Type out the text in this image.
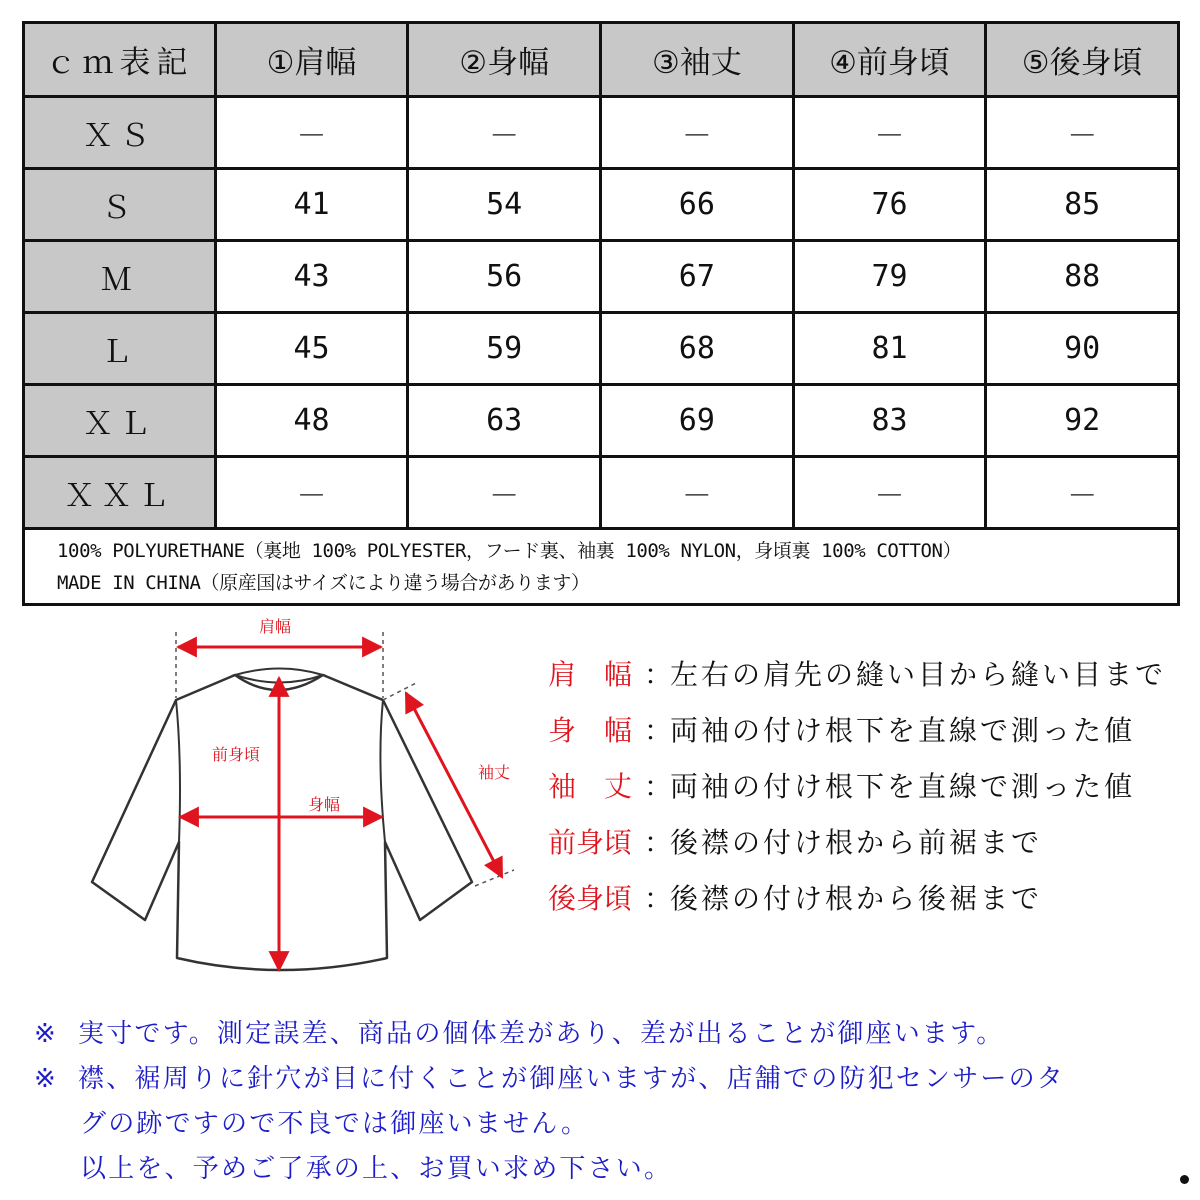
ｃｍ表記	①肩幅	②身幅	③袖丈	④前身頃	⑤後身頃
ＸＳ	－	－	－	－	－
Ｓ	41	54	66	76	85
Ｍ	43	56	67	79	88
Ｌ	45	59	68	81	90
ＸＬ	48	63	69	83	92
ＸＸＬ	－	－	－	－	－
100% POLYURETHANE（裏地 100% POLYESTER，フード裏、袖裏 100% NYLON，身頃裏 100% COTTON）
MADE IN CHINA（原産国はサイズにより違う場合があります）
肩幅
前身頃
身幅
袖丈
肩　幅 ：
左右の肩先の縫い目から縫い目まで
身　幅 ：
両袖の付け根下を直線で測った値
袖　丈 ：
両袖の付け根下を直線で測った値
前身頃 ：
後襟の付け根から前裾まで
後身頃 ：
後襟の付け根から後裾まで
※ 実寸です。測定誤差、商品の個体差があり、差が出ることが御座います。
※ 襟、裾周りに針穴が目に付くことが御座いますが、店舗での防犯センサーのタ
グの跡ですので不良では御座いません。
以上を、予めご了承の上、お買い求め下さい。
